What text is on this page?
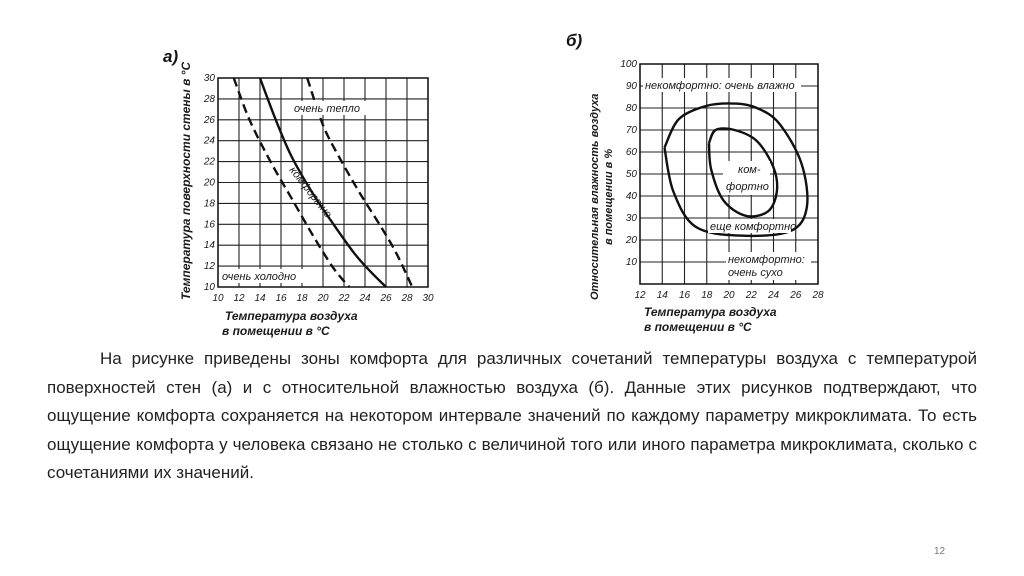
а)
10 12 14 16 18 20 22 24 26 28 30
10
12
14
16
18
20
22
24
26
28
30
Температура поверхности стены в °С
Температура воздуха
в помещении в °С
очень тепло
комфортно
очень холодно
б)
12 14 16 18 20 22 24 26 28
10
20
30
40
50
60
70
80
90
100
Относительная влажность воздуха в помещении в %
Температура воздуха
в помещении в °С
некомфортно: очень влажно
ком-
фортно
еще комфортно
некомфортно:
очень сухо

На рисунке приведены зоны комфорта для различных сочетаний температуры воздуха с температурой поверхностей стен (а) и с относительной влажностью воздуха (б). Данные этих рисунков подтверждают, что ощущение комфорта сохраняется на некотором интервале значений по каждому параметру микроклимата. То есть ощущение комфорта у человека связано не столько с величиной того или иного параметра микроклимата, сколько с сочетаниями их значений.

12
